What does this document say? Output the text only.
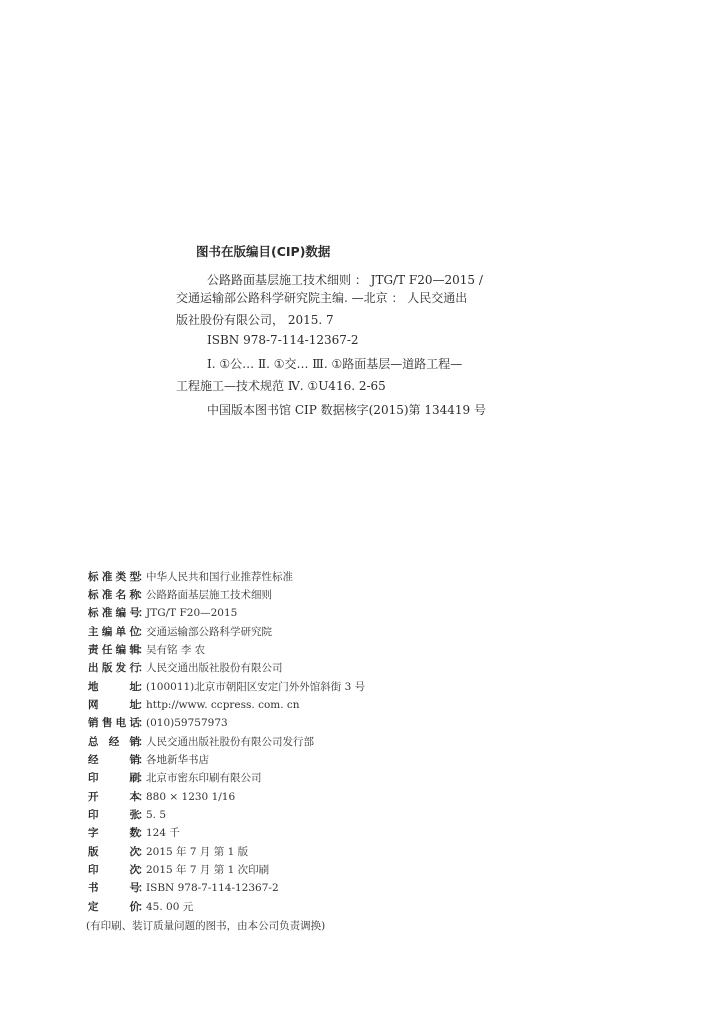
图书在版编目(CIP)数据
公路路面基层施工技术细则 ： JTG/T F20—2015 /
交通运输部公路科学研究院主编. —北京 ： 人民交通出
版社股份有限公司， 2015. 7
ISBN 978-7-114-12367-2
Ⅰ. ①公… Ⅱ. ①交… Ⅲ. ①路面基层—道路工程—
工程施工—技术规范 Ⅳ. ①U416. 2-65
中国版本图书馆 CIP 数据核字(2015)第 134419 号
标准类型
：
中华人民共和国行业推荐性标准
标准名称
：
公路路面基层施工技术细则
标准编号
：
JTG/T F20—2015
主编单位
：
交通运输部公路科学研究院
责任编辑
：
吴有铭 李 农
出版发行
：
人民交通出版社股份有限公司
地址
：
(100011)北京市朝阳区安定门外外馆斜街 3 号
网址
：
http://www. ccpress. com. cn
销售电话
：
(010)59757973
总经销
：
人民交通出版社股份有限公司发行部
经销
：
各地新华书店
印刷
：
北京市密东印刷有限公司
开本
：
880 × 1230 1/16
印张
：
5. 5
字数
：
124 千
版次
：
2015 年 7 月 第 1 版
印次
：
2015 年 7 月 第 1 次印刷
书号
：
ISBN 978-7-114-12367-2
定价
：
45. 00 元
(有印刷、装订质量问题的图书，由本公司负责调换)
